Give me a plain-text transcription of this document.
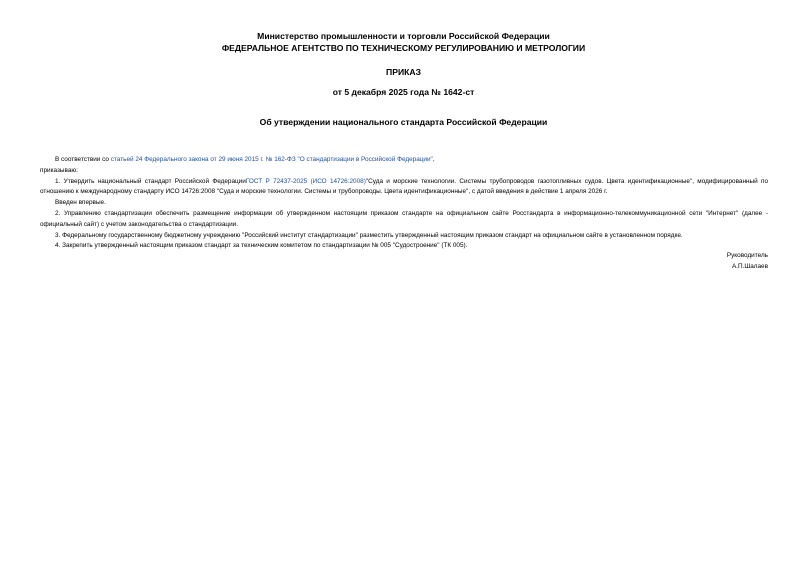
Министерство промышленности и торговли Российской Федерации
ФЕДЕРАЛЬНОЕ АГЕНТСТВО ПО ТЕХНИЧЕСКОМУ РЕГУЛИРОВАНИЮ И МЕТРОЛОГИИ
ПРИКАЗ
от 5 декабря 2025 года № 1642-ст
Об утверждении национального стандарта Российской Федерации

В соответствии со статьей 24 Федерального закона от 29 июня 2015 г. № 162-ФЗ "О стандартизации в Российской Федерации",

приказываю:

1. Утвердить национальный стандарт Российской ФедерацииГОСТ Р 72437-2025 (ИСО 14726:2008)"Суда и морские технологии. Системы трубопроводов газотопливных судов. Цвета идентификационные", модифицированный по отношению к международному стандарту ИСО 14726:2008 "Суда и морские технологии. Системы и трубопроводы. Цвета идентификационные", с датой введения в действие 1 апреля 2026 г.

Введен впервые.

2. Управлению стандартизации обеспечить размещение информации об утвержденном настоящим приказом стандарте на официальном сайте Росстандарта в информационно-телекоммуникационной сети "Интернет" (далее - официальный сайт) с учетом законодательства о стандартизации.

3. Федеральному государственному бюджетному учреждению "Российский институт стандартизации" разместить утвержденный настоящим приказом стандарт на официальном сайте в установленном порядке.

4. Закрепить утвержденный настоящим приказом стандарт за техническим комитетом по стандартизации № 005 "Судостроение" (ТК 005).

Руководитель
А.П.Шалаев
